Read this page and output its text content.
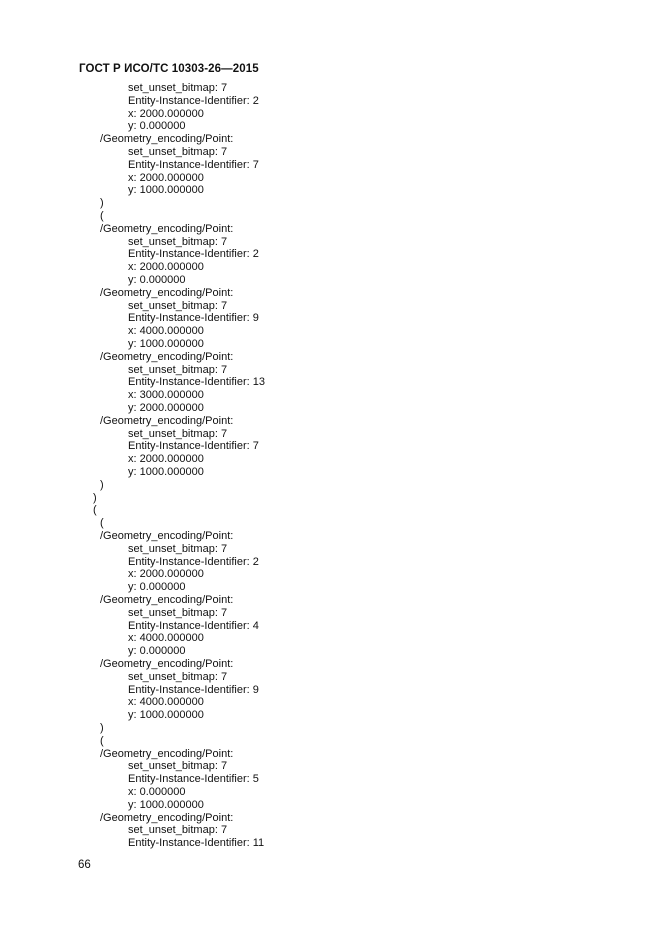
ГОСТ Р ИСО/ТС 10303-26—2015
set_unset_bitmap: 7
Entity-Instance-Identifier: 2
x: 2000.000000
y: 0.000000
/Geometry_encoding/Point:
set_unset_bitmap: 7
Entity-Instance-Identifier: 7
x: 2000.000000
y: 1000.000000
)
(
/Geometry_encoding/Point:
set_unset_bitmap: 7
Entity-Instance-Identifier: 2
x: 2000.000000
y: 0.000000
/Geometry_encoding/Point:
set_unset_bitmap: 7
Entity-Instance-Identifier: 9
x: 4000.000000
y: 1000.000000
/Geometry_encoding/Point:
set_unset_bitmap: 7
Entity-Instance-Identifier: 13
x: 3000.000000
y: 2000.000000
/Geometry_encoding/Point:
set_unset_bitmap: 7
Entity-Instance-Identifier: 7
x: 2000.000000
y: 1000.000000
)
)
(
(
/Geometry_encoding/Point:
set_unset_bitmap: 7
Entity-Instance-Identifier: 2
x: 2000.000000
y: 0.000000
/Geometry_encoding/Point:
set_unset_bitmap: 7
Entity-Instance-Identifier: 4
x: 4000.000000
y: 0.000000
/Geometry_encoding/Point:
set_unset_bitmap: 7
Entity-Instance-Identifier: 9
x: 4000.000000
y: 1000.000000
)
(
/Geometry_encoding/Point:
set_unset_bitmap: 7
Entity-Instance-Identifier: 5
x: 0.000000
y: 1000.000000
/Geometry_encoding/Point:
set_unset_bitmap: 7
Entity-Instance-Identifier: 11
66
